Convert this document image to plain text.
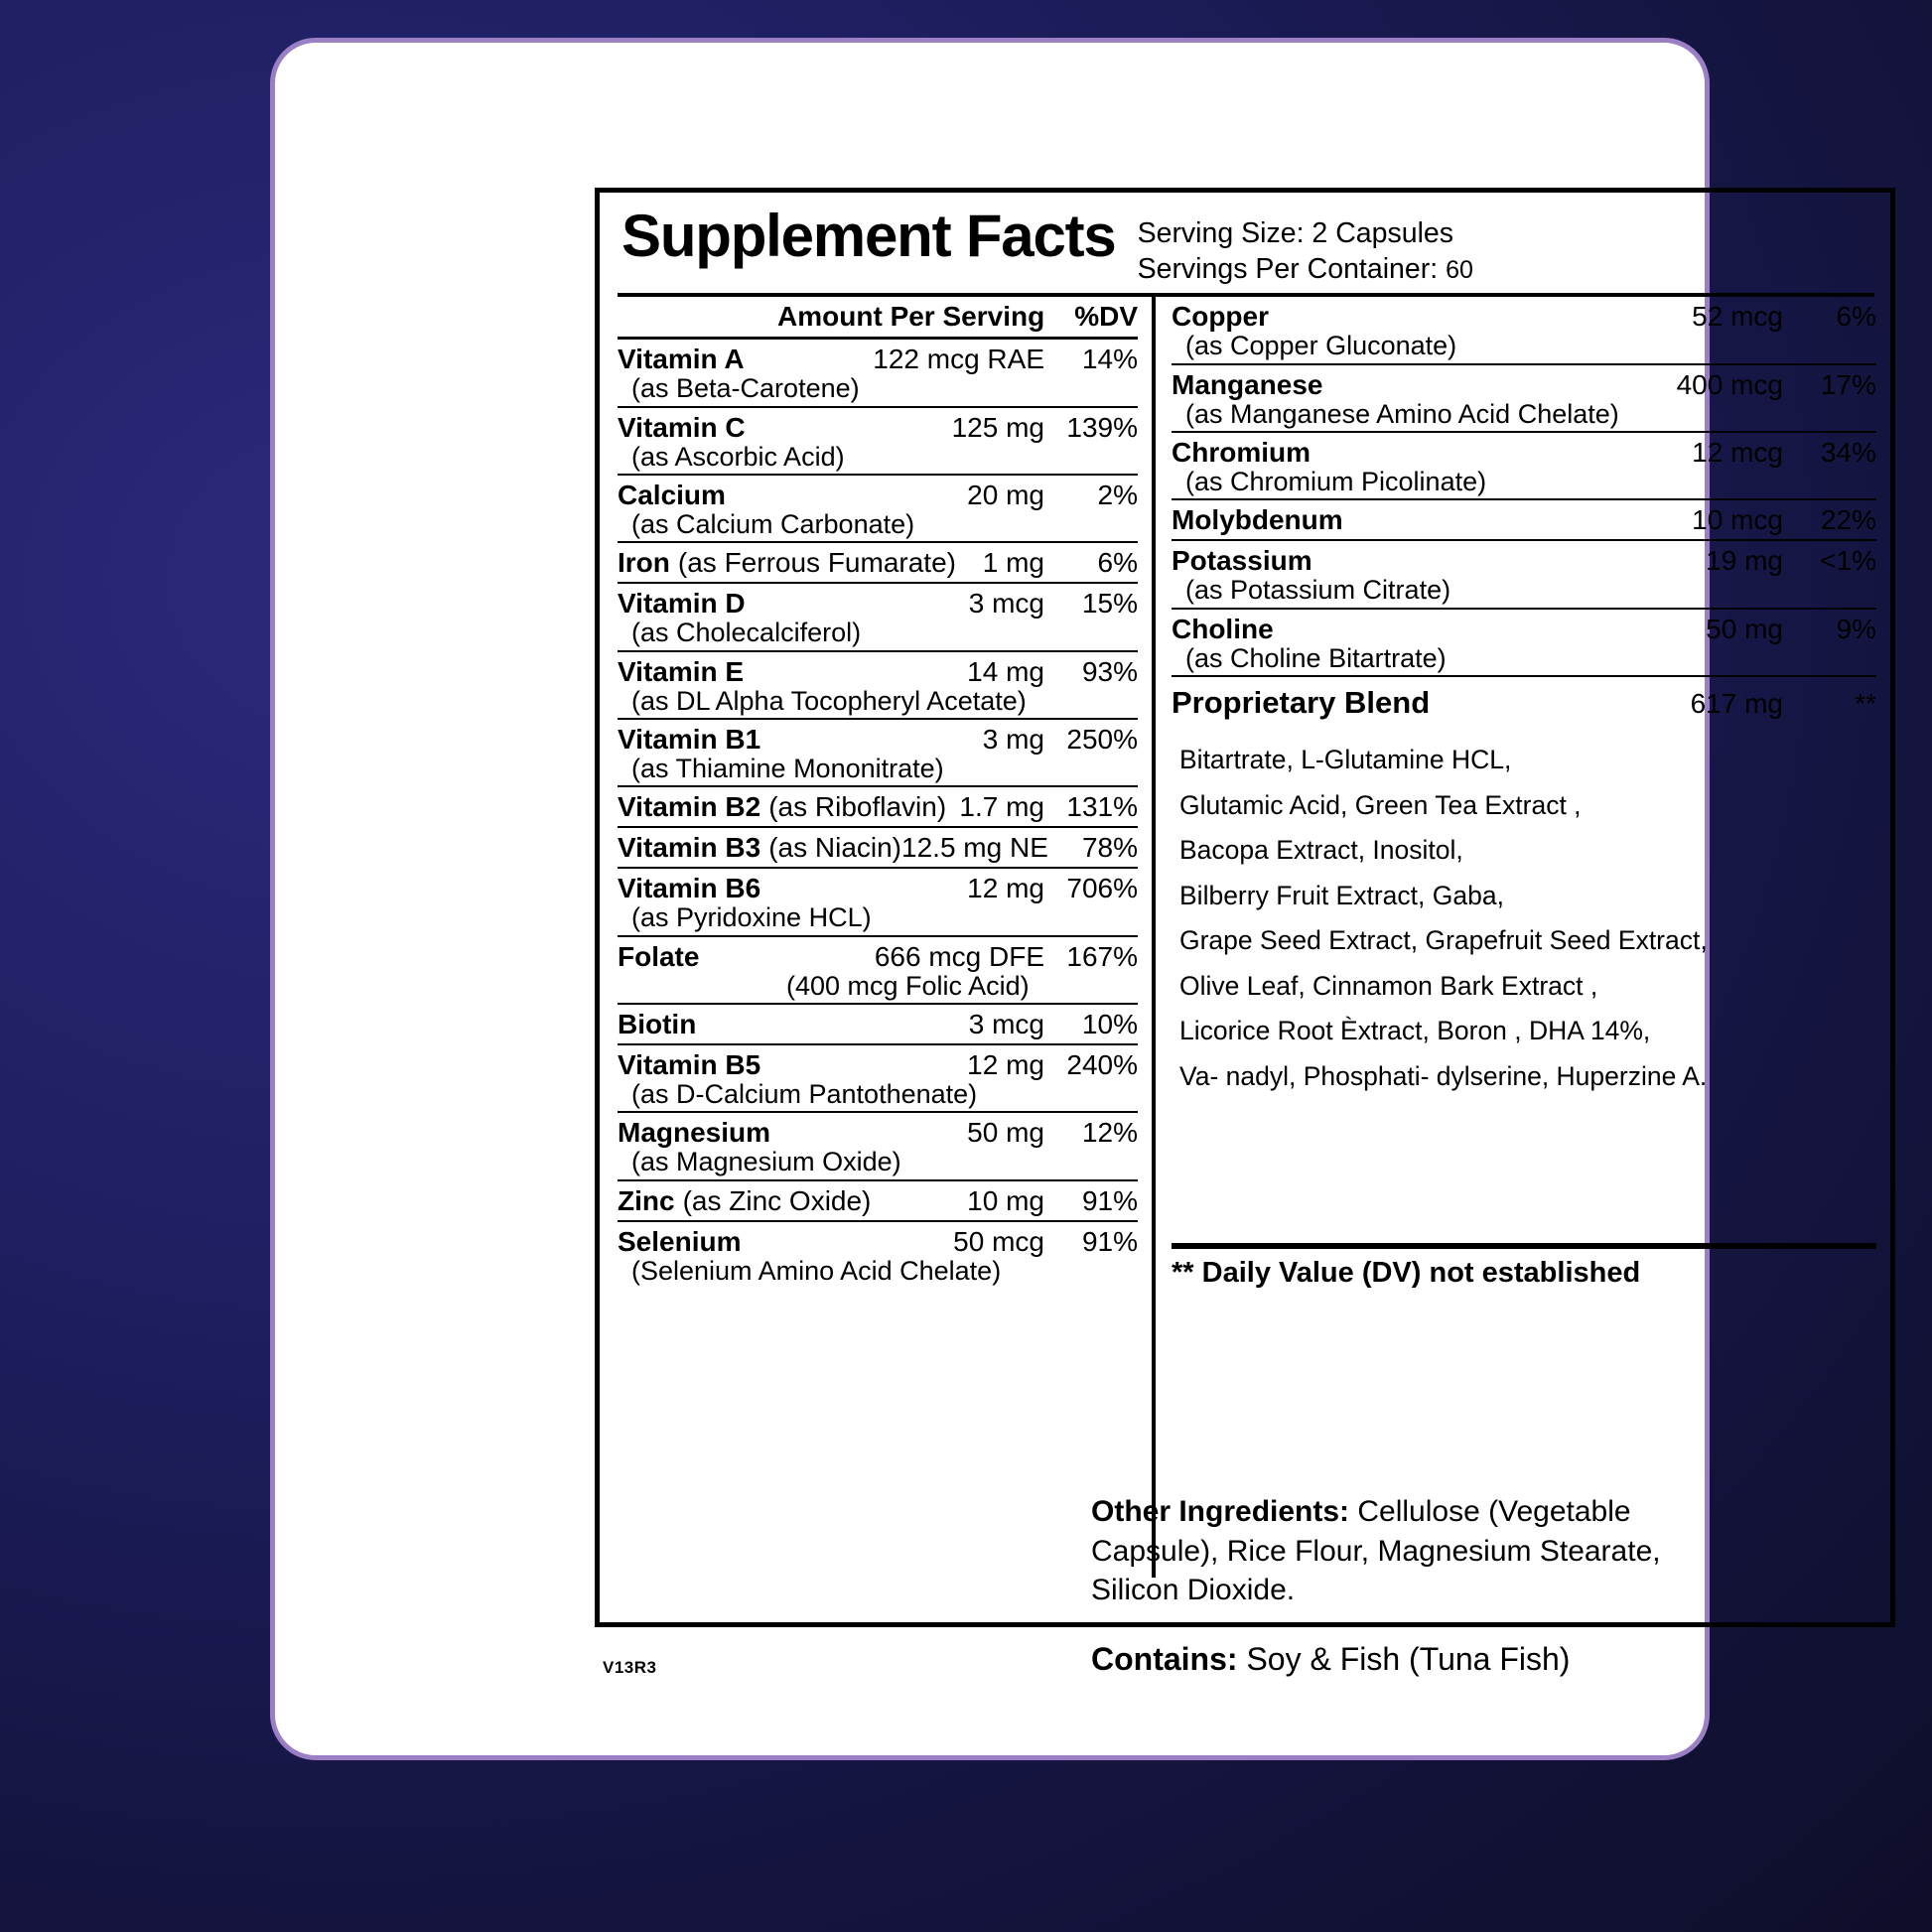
Supplement Facts Serving Size: 2 Capsules
Servings Per Container: 60
Amount Per Serving %DV
Vitamin A	122 mcg RAE	14%
(as Beta-Carotene)
Vitamin C	125 mg 139%
(as Ascorbic Acid)
Calcium	20 mg	2%
(as Calcium Carbonate)
Iron (as Ferrous Fumarate) 1 mg	6%
Vitamin D	3 mcg	15%
(as Cholecalciferol)
Vitamin E	14 mg	93%
(as DL Alpha Tocopheryl Acetate)
Vitamin B1	3 mg 250%
(as Thiamine Mononitrate)
Vitamin B2 (as Riboflavin) 1.7 mg 131%
Vitamin B3 (as Niacin) 12.5 mg NE	78%
Vitamin B6	12 mg 706%
(as Pyridoxine HCL)
Folate	666 mcg DFE 167%
(400 mcg Folic Acid)
Biotin	3 mcg	10%
Vitamin B5	12 mg 240%
(as D-Calcium Pantothenate)
Magnesium	50 mg	12%
(as Magnesium Oxide)
Zinc (as Zinc Oxide)	10 mg	91%
Selenium	50 mcg	91%
(Selenium Amino Acid Chelate)
Copper	52 mcg	6%
(as Copper Gluconate)
Manganese	400 mcg	17%
(as Manganese Amino Acid Chelate)
Chromium	12 mcg	34%
(as Chromium Picolinate)
Molybdenum	10 mcg	22%
Potassium	19 mg	<1%
(as Potassium Citrate)
Choline	50 mg	9%
(as Choline Bitartrate)
Proprietary Blend	617 mg	**
Bitartrate, L-Glutamine HCL,
Glutamic Acid, Green Tea Extract ,
Bacopa Extract, Inositol,
Bilberry Fruit Extract, Gaba,
Grape Seed Extract, Grapefruit Seed Extract,
Olive Leaf, Cinnamon Bark Extract ,
Licorice Root Èxtract, Boron , DHA 14%,
Va- nadyl, Phosphati- dylserine, Huperzine A.
** Daily Value (DV) not established
Other Ingredients: Cellulose (Vegetable Capsule), Rice Flour, Magnesium Stearate, Silicon Dioxide.
Contains: Soy & Fish (Tuna Fish)
V13R3
